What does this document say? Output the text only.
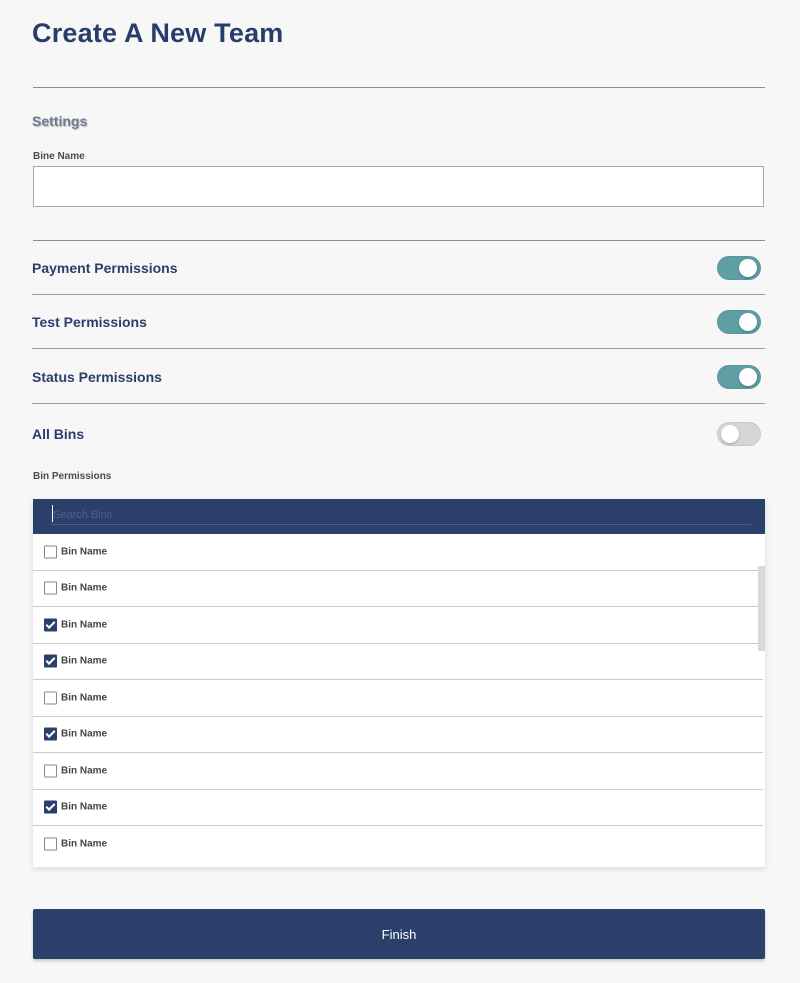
Create A New Team
Settings
Bine Name
Payment Permissions
Test Permissions
Status Permissions
All Bins
Bin Permissions
Search Bins
Bin Name
Bin Name
Bin Name
Bin Name
Bin Name
Bin Name
Bin Name
Bin Name
Bin Name
Finish
